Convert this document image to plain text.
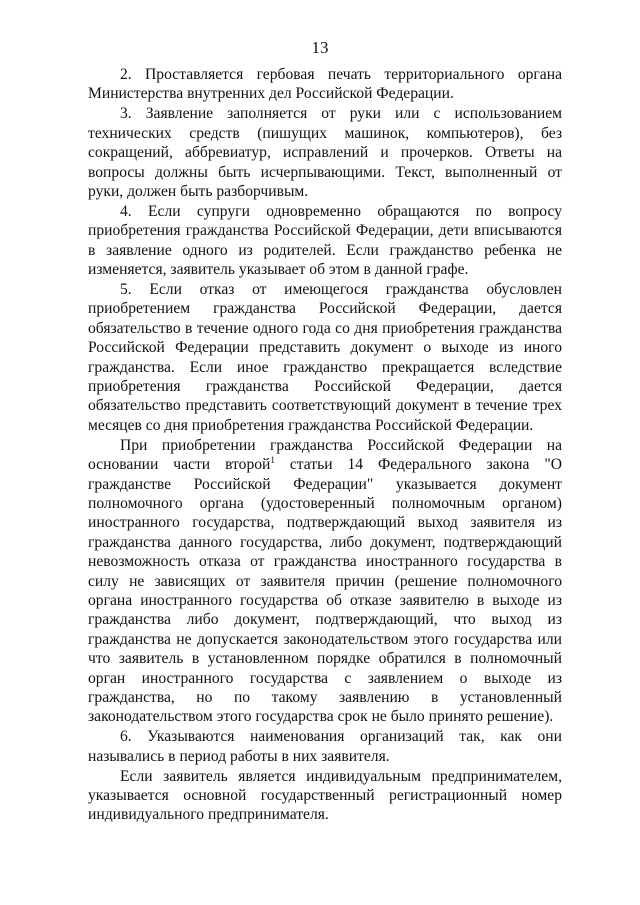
13

2. Проставляется гербовая печать территориального органа Министерства внутренних дел Российской Федерации.

3. Заявление заполняется от руки или с использованием технических средств (пишущих машинок, компьютеров), без сокращений, аббревиатур, исправлений и прочерков. Ответы на вопросы должны быть исчерпывающими. Текст, выполненный от руки, должен быть разборчивым.

4. Если супруги одновременно обращаются по вопросу приобретения гражданства Российской Федерации, дети вписываются в заявление одного из родителей. Если гражданство ребенка не изменяется, заявитель указывает об этом в данной графе.

5. Если отказ от имеющегося гражданства обусловлен приобретением гражданства Российской Федерации, дается обязательство в течение одного года со дня приобретения гражданства Российской Федерации представить документ о выходе из иного гражданства. Если иное гражданство прекращается вследствие приобретения гражданства Российской Федерации, дается обязательство представить соответствующий документ в течение трех месяцев со дня приобретения гражданства Российской Федерации.

При приобретении гражданства Российской Федерации на основании части второй$^1$ статьи 14 Федерального закона "О гражданстве Российской Федерации" указывается документ полномочного органа (удостоверенный полномочным органом) иностранного государства, подтверждающий выход заявителя из гражданства данного государства, либо документ, подтверждающий невозможность отказа от гражданства иностранного государства в силу не зависящих от заявителя причин (решение полномочного органа иностранного государства об отказе заявителю в выходе из гражданства либо документ, подтверждающий, что выход из гражданства не допускается законодательством этого государства или что заявитель в установленном порядке обратился в полномочный орган иностранного государства с заявлением о выходе из гражданства, но по такому заявлению в установленный законодательством этого государства срок не было принято решение).

6. Указываются наименования организаций так, как они назывались в период работы в них заявителя.

Если заявитель является индивидуальным предпринимателем, указывается основной государственный регистрационный номер индивидуального предпринимателя.
